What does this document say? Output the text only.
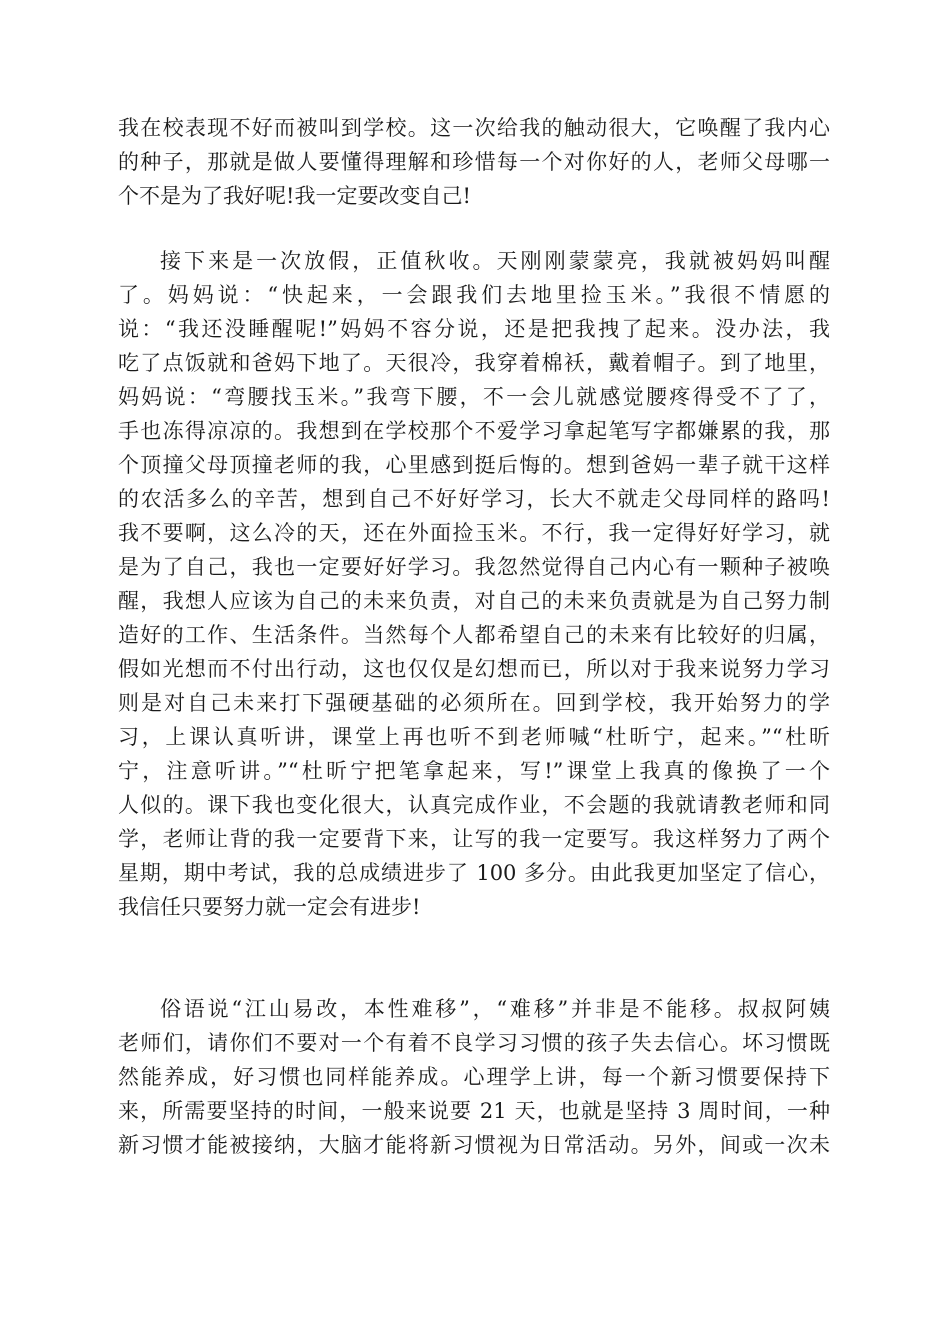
我在校表现不好而被叫到学校。这一次给我的触动很大，它唤醒了我内心
的种子，那就是做人要懂得理解和珍惜每一个对你好的人，老师父母哪一
个不是为了我好呢!我一定要改变自己!
接下来是一次放假，正值秋收。天刚刚蒙蒙亮，我就被妈妈叫醒
了。妈妈说：“快起来，一会跟我们去地里捡玉米。”我很不情愿的
说：“我还没睡醒呢!”妈妈不容分说，还是把我拽了起来。没办法，我
吃了点饭就和爸妈下地了。天很冷，我穿着棉袄，戴着帽子。到了地里，
妈妈说：“弯腰找玉米。”我弯下腰，不一会儿就感觉腰疼得受不了了，
手也冻得凉凉的。我想到在学校那个不爱学习拿起笔写字都嫌累的我，那
个顶撞父母顶撞老师的我，心里感到挺后悔的。想到爸妈一辈子就干这样
的农活多么的辛苦，想到自己不好好学习，长大不就走父母同样的路吗!
我不要啊，这么冷的天，还在外面捡玉米。不行，我一定得好好学习，就
是为了自己，我也一定要好好学习。我忽然觉得自己内心有一颗种子被唤
醒，我想人应该为自己的未来负责，对自己的未来负责就是为自己努力制
造好的工作、生活条件。当然每个人都希望自己的未来有比较好的归属，
假如光想而不付出行动，这也仅仅是幻想而已，所以对于我来说努力学习
则是对自己未来打下强硬基础的必须所在。回到学校，我开始努力的学
习，上课认真听讲，课堂上再也听不到老师喊“杜昕宁，起来。”“杜昕
宁，注意听讲。”“杜昕宁把笔拿起来，写!”课堂上我真的像换了一个
人似的。课下我也变化很大，认真完成作业，不会题的我就请教老师和同
学，老师让背的我一定要背下来，让写的我一定要写。我这样努力了两个
星期，期中考试，我的总成绩进步了 100 多分。由此我更加坚定了信心，
我信任只要努力就一定会有进步!
俗语说“江山易改，本性难移”，“难移”并非是不能移。叔叔阿姨
老师们，请你们不要对一个有着不良学习习惯的孩子失去信心。坏习惯既
然能养成，好习惯也同样能养成。心理学上讲，每一个新习惯要保持下
来，所需要坚持的时间，一般来说要 21 天，也就是坚持 3 周时间，一种
新习惯才能被接纳，大脑才能将新习惯视为日常活动。另外，间或一次未
